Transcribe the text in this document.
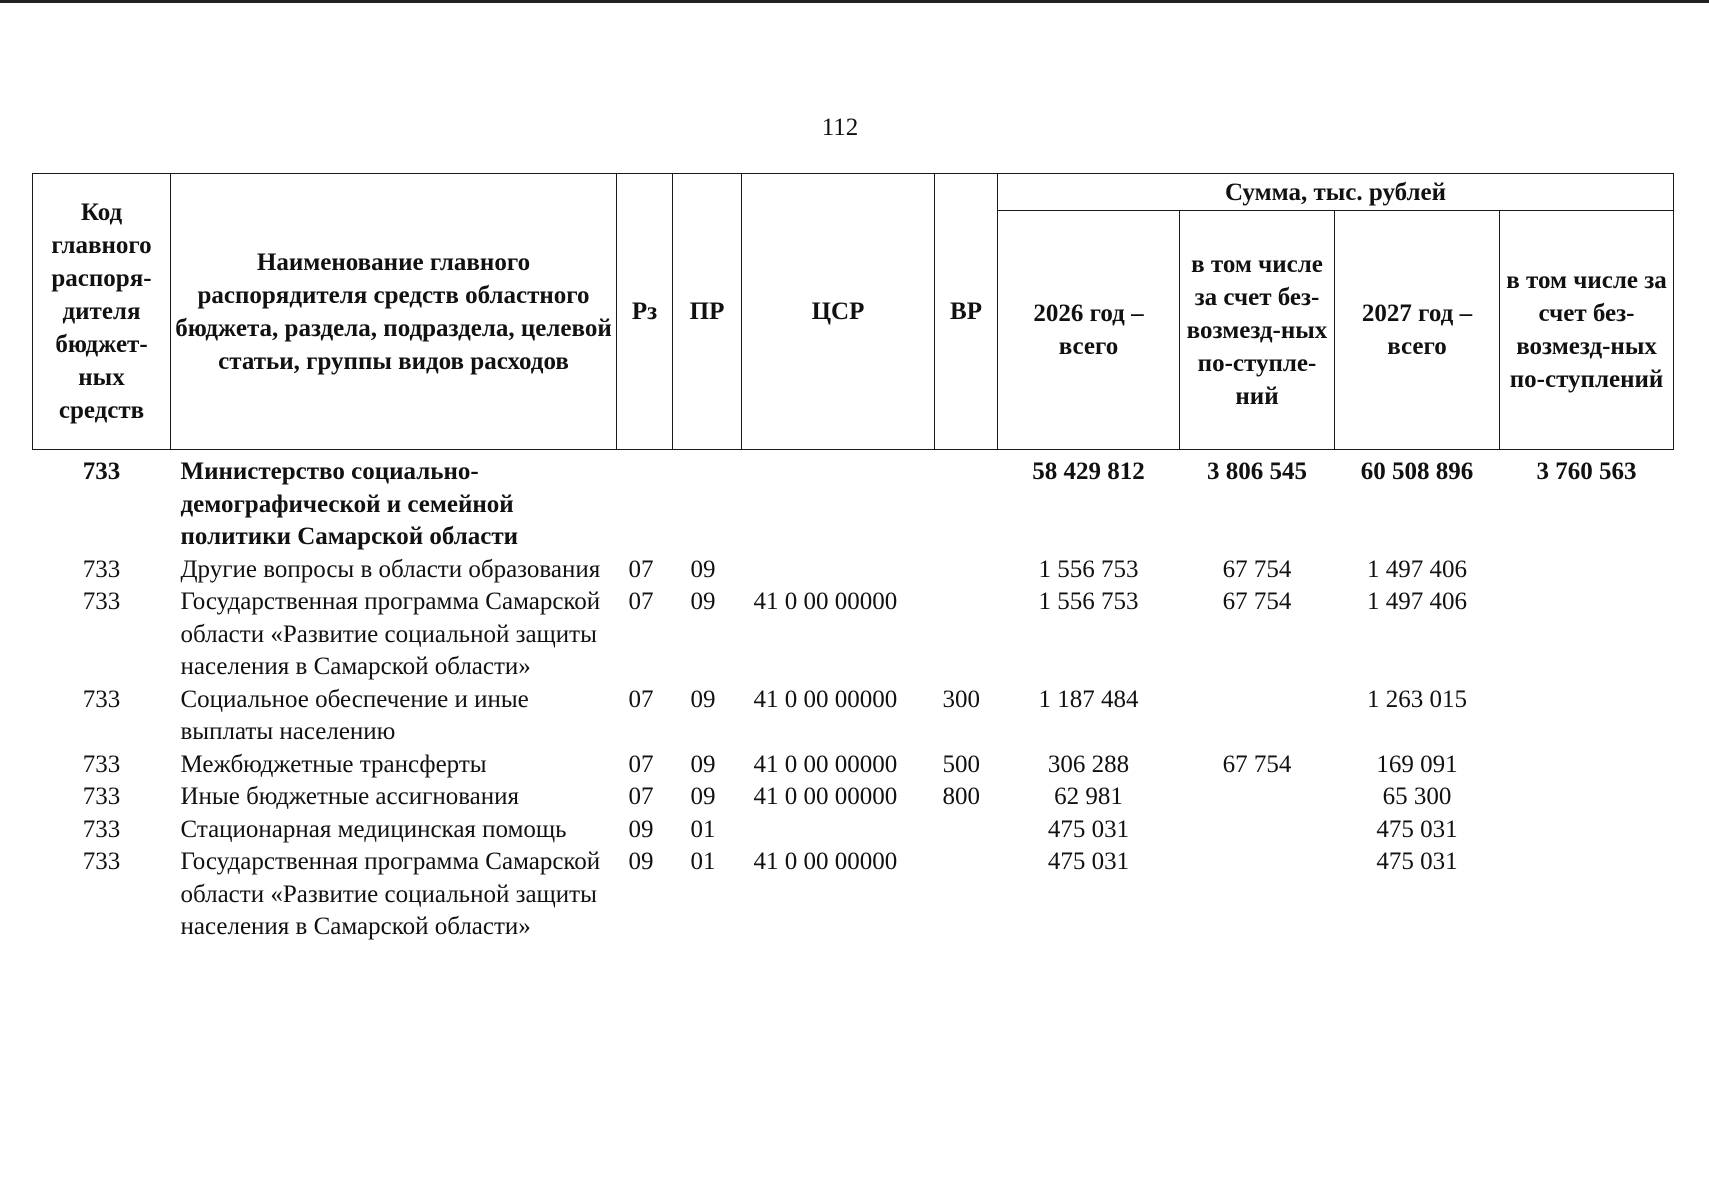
112
Код главного распоря-дителя бюджет-ных средств	Наименование главного распорядителя средств областного бюджета, раздела, подраздела, целевой статьи, группы видов расходов	Рз	ПР	ЦСР	ВР	Сумма, тыс. рублей			
						2026 год – всего	в том числе за счет без-возмезд-ных по-ступле-ний	2027 год – всего	в том числе за счет без-возмезд-ных по-ступлений
733	Министерство социально-демографической и семейной политики Самарской области					58 429 812	3 806 545	60 508 896	3 760 563
733	Другие вопросы в области образования	07	09			1 556 753	67 754	1 497 406	
733	Государственная программа Самарской области «Развитие социальной защиты населения в Самарской области»	07	09	41 0 00 00000		1 556 753	67 754	1 497 406	
733	Социальное обеспечение и иные выплаты населению	07	09	41 0 00 00000	300	1 187 484		1 263 015	
733	Межбюджетные трансферты	07	09	41 0 00 00000	500	306 288	67 754	169 091	
733	Иные бюджетные ассигнования	07	09	41 0 00 00000	800	62 981		65 300	
733	Стационарная медицинская помощь	09	01			475 031		475 031	
733	Государственная программа Самарской области «Развитие социальной защиты населения в Самарской области»	09	01	41 0 00 00000		475 031		475 031	
